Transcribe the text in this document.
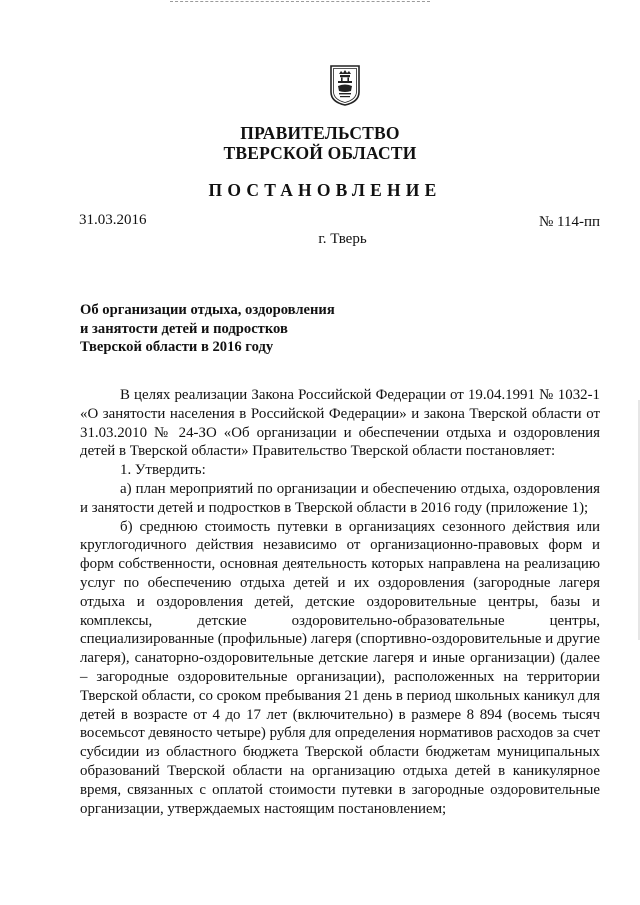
ПРАВИТЕЛЬСТВО
ТВЕРСКОЙ ОБЛАСТИ
ПОСТАНОВЛЕНИЕ
31.03.2016	№ 114-пп
г. Тверь
Об организации отдыха, оздоровления
и занятости детей и подростков
Тверской области в 2016 году

В целях реализации Закона Российской Федерации от 19.04.1991 № 1032-1 «О занятости населения в Российской Федерации» и закона Тверской области от 31.03.2010 № 24-ЗО «Об организации и обеспечении отдыха и оздоровления детей в Тверской области» Правительство Тверской области постановляет:

1. Утвердить:

а) план мероприятий по организации и обеспечению отдыха, оздоровления и занятости детей и подростков в Тверской области в 2016 году (приложение 1);

б) среднюю стоимость путевки в организациях сезонного действия или круглогодичного действия независимо от организационно-правовых форм и форм собственности, основная деятельность которых направлена на реализацию услуг по обеспечению отдыха детей и их оздоровления (загородные лагеря отдыха и оздоровления детей, детские оздоровительные центры, базы и комплексы, детские оздоровительно-образовательные центры, специализированные (профильные) лагеря (спортивно-оздоровительные и другие лагеря), санаторно-оздоровительные детские лагеря и иные организации) (далее – загородные оздоровительные организации), расположенных на территории Тверской области, со сроком пребывания 21 день в период школьных каникул для детей в возрасте от 4 до 17 лет (включительно) в размере 8 894 (восемь тысяч восемьсот девяносто четыре) рубля для определения нормативов расходов за счет субсидии из областного бюджета Тверской области бюджетам муниципальных образований Тверской области на организацию отдыха детей в каникулярное время, связанных с оплатой стоимости путевки в загородные оздоровительные организации, утверждаемых настоящим постановлением;
